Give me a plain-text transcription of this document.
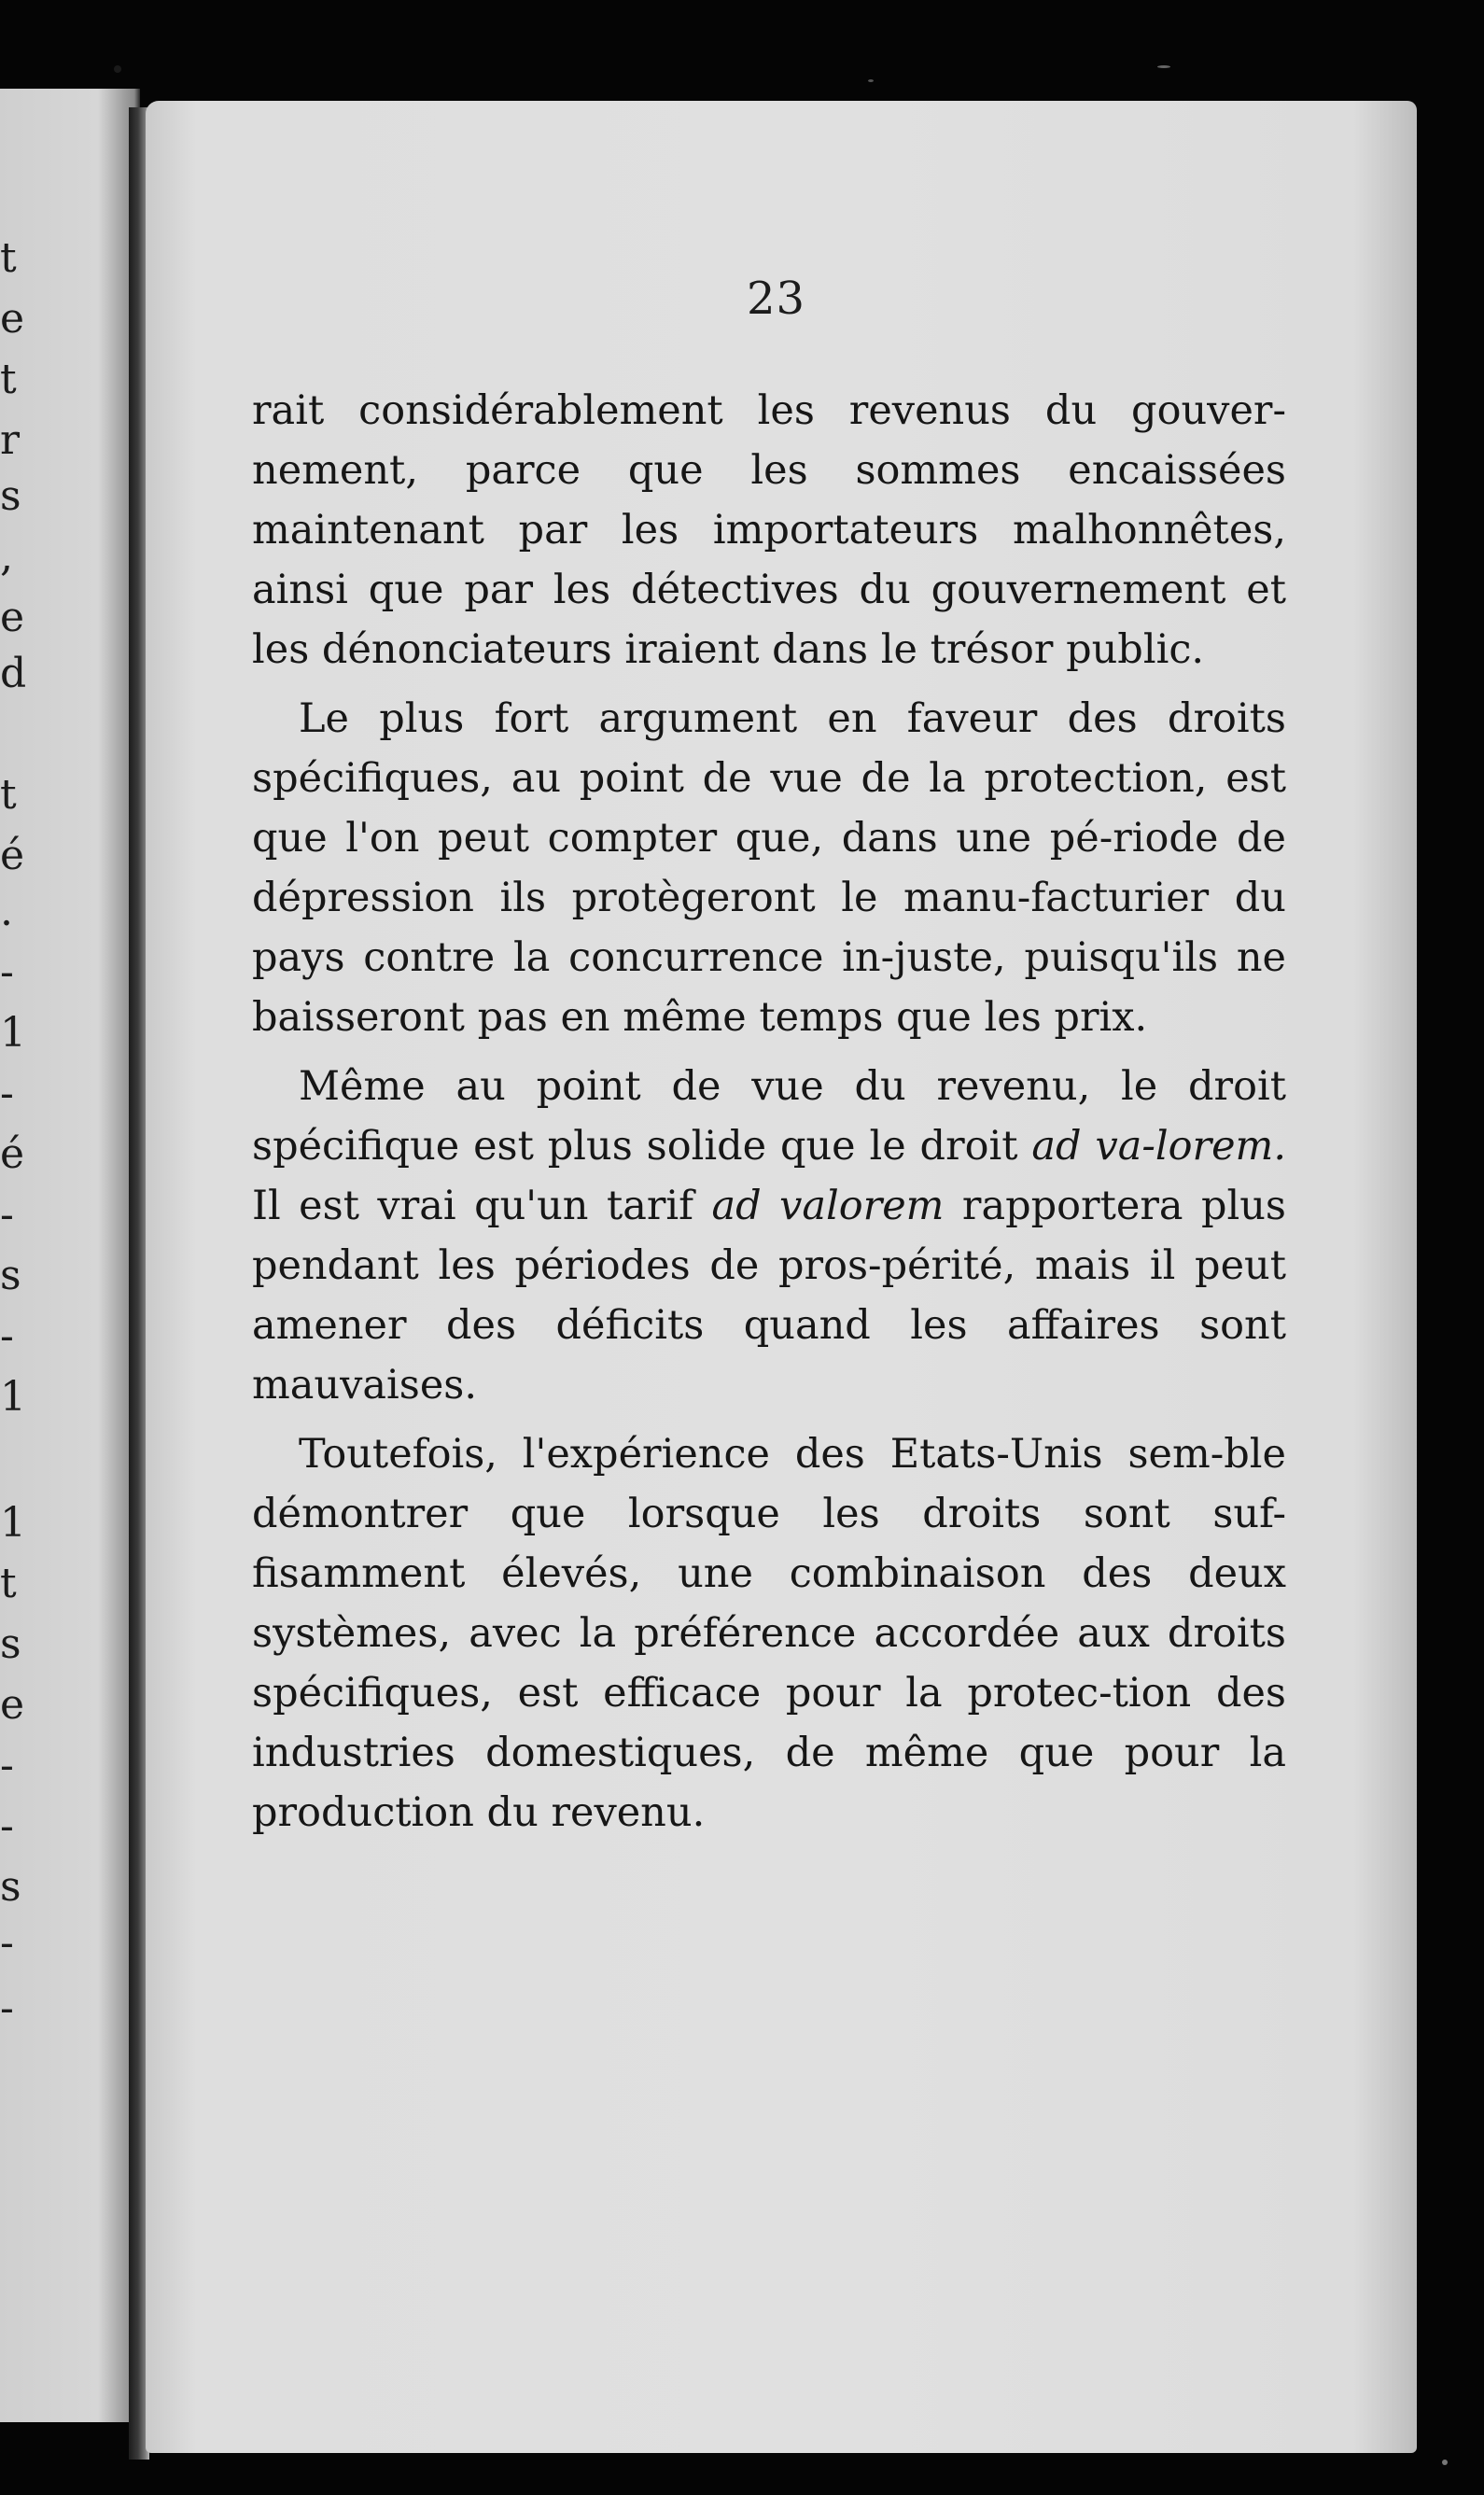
t
e
t
r
s
,
e
d
t
é
.
-
1
-
é
-
s
-
1
1
t
s
e
-
-
s
-
-
23

rait considérablement les revenus du gouver-nement, parce que les sommes encaissées maintenant par les importateurs malhonnêtes, ainsi que par les détectives du gouvernement et les dénonciateurs iraient dans le trésor public.

Le plus fort argument en faveur des droits spécifiques, au point de vue de la protection, est que l'on peut compter que, dans une pé-riode de dépression ils protègeront le manu-facturier du pays contre la concurrence in-juste, puisqu'ils ne baisseront pas en même temps que les prix.

Même au point de vue du revenu, le droit spécifique est plus solide que le droit ad va-lorem. Il est vrai qu'un tarif ad valorem rapportera plus pendant les périodes de pros-périté, mais il peut amener des déficits quand les affaires sont mauvaises.

Toutefois, l'expérience des Etats-Unis sem-ble démontrer que lorsque les droits sont suf-fisamment élevés, une combinaison des deux systèmes, avec la préférence accordée aux droits spécifiques, est efficace pour la protec-tion des industries domestiques, de même que pour la production du revenu.
